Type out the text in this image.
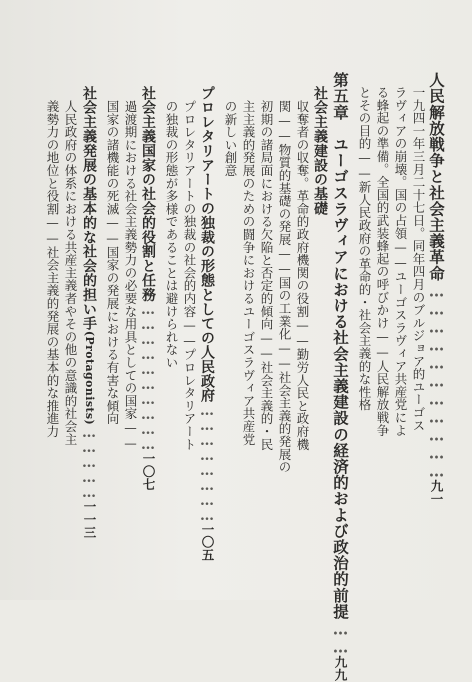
人民解放戦争と社会主義革命……………………………九一
一九四一年三月二十七日。同年四月のブルジョア的ユーゴス
ラヴィアの崩壊。国の占領——ユーゴスラヴィア共産党によ
る蜂起の準備。全国的武装蜂起の呼びかけ——人民解放戦争
とその目的——新人民政府の革命的・社会主義的な性格
第五章　ユーゴスラヴィアにおける社会主義建設の経済的および政治的前提……九九
社会主義建設の基礎
収奪者の収奪。革命的政府機関の役割——勤労人民と政府機
関——物質的基礎の発展——国の工業化——社会主義的発展の
初期の諸局面における欠陥と否定的傾向——社会主義的・民
主主義的発展のための闘争におけるユーゴスラヴィア共産党
の新しい創意
プロレタリアートの独裁の形態としての人民政府……………………一〇五
プロレタリアートの独裁の社会的内容——プロレタリアート
の独裁の形態が多様であることは避けられない
社会主義国家の社会的役割と任務…………………………一〇七
過渡期における社会主義勢力の必要な用具としての国家——
国家の諸機能の死滅——国家の発展における有害な傾向
社会主義発展の基本的な社会的担い手(Protagonists)……………一一三
人民政府の体系における共産主義者やその他の意識的社会主
義勢力の地位と役割——社会主義的発展の基本的な推進力
